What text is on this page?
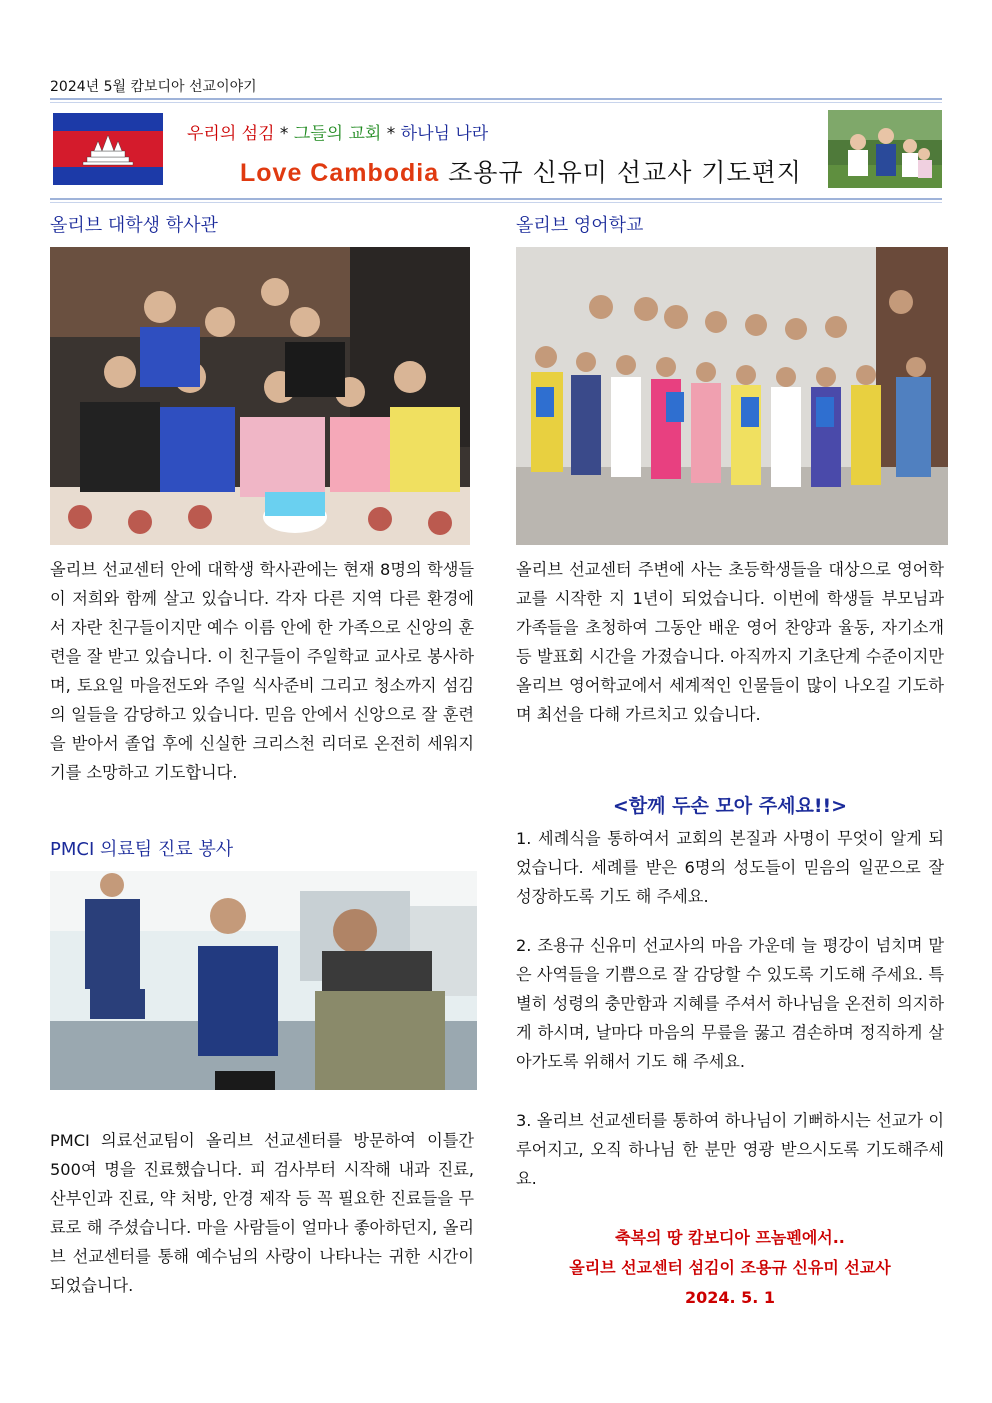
2024년 5월 캄보디아 선교이야기
우리의 섬김 * 그들의 교회 * 하나님 나라
Love Cambodia 조용규 신유미 선교사 기도편지
올리브 대학생 학사관
올리브 선교센터 안에 대학생 학사관에는 현재 8명의 학생들이 저희와 함께 살고 있습니다. 각자 다른 지역 다른 환경에서 자란 친구들이지만 예수 이름 안에 한 가족으로 신앙의 훈련을 잘 받고 있습니다. 이 친구들이 주일학교 교사로 봉사하며, 토요일 마을전도와 주일 식사준비 그리고 청소까지 섬김의 일들을 감당하고 있습니다. 믿음 안에서 신앙으로 잘 훈련을 받아서 졸업 후에 신실한 크리스천 리더로 온전히 세워지기를 소망하고 기도합니다.
PMCI 의료팀 진료 봉사
PMCI 의료선교팀이 올리브 선교센터를 방문하여 이틀간 500여 명을 진료했습니다. 피 검사부터 시작해 내과 진료, 산부인과 진료, 약 처방, 안경 제작 등 꼭 필요한 진료들을 무료로 해 주셨습니다. 마을 사람들이 얼마나 좋아하던지, 올리브 선교센터를 통해 예수님의 사랑이 나타나는 귀한 시간이 되었습니다.
올리브 영어학교
올리브 선교센터 주변에 사는 초등학생들을 대상으로 영어학교를 시작한 지 1년이 되었습니다. 이번에 학생들 부모님과 가족들을 초청하여 그동안 배운 영어 찬양과 율동, 자기소개 등 발표회 시간을 가졌습니다. 아직까지 기초단계 수준이지만 올리브 영어학교에서 세계적인 인물들이 많이 나오길 기도하며 최선을 다해 가르치고 있습니다.
<함께 두손 모아 주세요!!>
1. 세례식을 통하여서 교회의 본질과 사명이 무엇이 알게 되었습니다. 세례를 받은 6명의 성도들이 믿음의 일꾼으로 잘 성장하도록 기도 해 주세요.
2. 조용규 신유미 선교사의 마음 가운데 늘 평강이 넘치며 맡은 사역들을 기쁨으로 잘 감당할 수 있도록 기도해 주세요. 특별히 성령의 충만함과 지혜를 주셔서 하나님을 온전히 의지하게 하시며, 날마다 마음의 무릎을 꿇고 겸손하며 정직하게 살아가도록 위해서 기도 해 주세요.
3. 올리브 선교센터를 통하여 하나님이 기뻐하시는 선교가 이루어지고, 오직 하나님 한 분만 영광 받으시도록 기도해주세요.
축복의 땅 캄보디아 프놈펜에서..
올리브 선교센터 섬김이 조용규 신유미 선교사
2024. 5. 1
